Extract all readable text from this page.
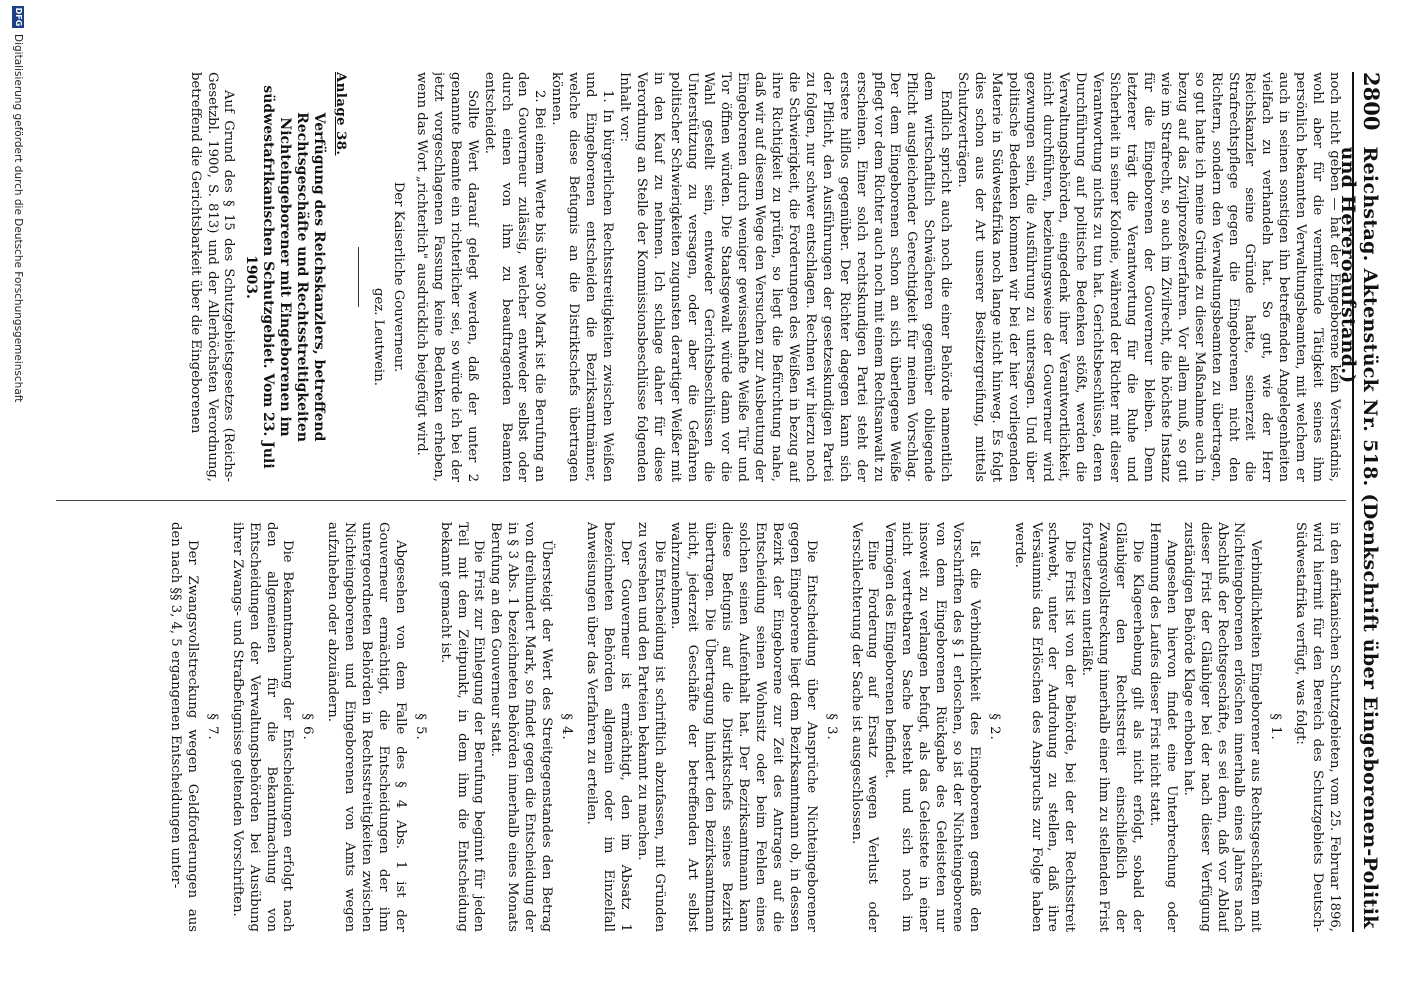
2800
Reichstag. Aktenstück Nr. 518. (Denkschrift über Eingeborenen-Politik und Hereroaufstand.)

noch nicht geben — hat der Eingeborene kein Verständnis, wohl aber für die vermittelnde Tätigkeit seines ihm persönlich bekannten Verwaltungsbeamten, mit welchem er auch in seinen sonstigen ihn betreffenden Angelegenheiten vielfach zu verhandeln hat. So gut, wie der Herr Reichskanzler seine Gründe hatte, seinerzeit die Strafrechtspflege gegen die Eingeborenen nicht den Richtern, sondern den Verwaltungsbeamten zu übertragen, so gut hatte ich meine Gründe zu dieser Maßnahme auch in bezug auf das Zivilprozeßverfahren. Vor allem muß, so gut wie im Strafrecht, so auch im Zivilrecht, die höchste Instanz für die Eingeborenen der Gouverneur bleiben. Denn letzterer trägt die Verantwortung für die Ruhe und Sicherheit in seiner Kolonie, während der Richter mit dieser Verantwortung nichts zu tun hat. Gerichtsbeschlüsse, deren Durchführung auf politische Bedenken stößt, werden die Verwaltungsbehörden, eingedenk ihrer Verantwortlichkeit, nicht durchführen, beziehungsweise der Gouverneur wird gezwungen sein, die Ausführung zu untersagen. Und über politische Bedenken kommen wir bei der hier vorliegenden Materie in Südwestafrika noch lange nicht hinweg. Es folgt dies schon aus der Art unserer Besitzergreifung, mittels Schutzverträgen.

Endlich spricht auch noch die einer Behörde namentlich dem wirtschaftlich Schwächeren gegenüber obliegende Pflicht ausgleichender Gerechtigkeit für meinen Vorschlag. Der dem Eingeborenen schon an sich überlegene Weiße pflegt vor dem Richter auch noch mit einem Rechtsanwalt zu erscheinen. Einer solch rechtskundigen Partei steht der erstere hilflos gegenüber. Der Richter dagegen kann sich der Pflicht, den Ausführungen der gesetzeskundigen Partei zu folgen, nur schwer entschlagen. Rechnen wir hierzu noch die Schwierigkeit, die Forderungen des Weißen in bezug auf ihre Richtigkeit zu prüfen, so liegt die Befürchtung nahe, daß wir auf diesem Wege den Versuchen zur Ausbeutung der Eingeborenen durch weniger gewissenhafte Weiße Tür und Tor öffnen würden. Die Staatsgewalt würde dann vor die Wahl gestellt sein, entweder Gerichtsbeschlüssen die Unterstützung zu versagen, oder aber die Gefahren politischer Schwierigkeiten zugunsten derartiger Weißer mit in den Kauf zu nehmen. Ich schlage daher für diese Verordnung an Stelle der Kommissionsbeschlüsse folgenden Inhalt vor:

1. In bürgerlichen Rechtsstreitigkeiten zwischen Weißen und Eingeborenen entscheiden die Bezirksamtmänner, welche diese Befugnis an die Distriktschefs übertragen können.

2. Bei einem Werte bis über 300 Mark ist die Berufung an den Gouverneur zulässig, welcher entweder selbst oder durch einen von ihm zu beauftragenden Beamten entscheidet.

Sollte Wert darauf gelegt werden, daß der unter 2 genannte Beamte ein richterlicher sei, so würde ich bei der jetzt vorgeschlagenen Fassung keine Bedenken erheben, wenn das Wort „richterlich" ausdrücklich beigefügt wird.

Der Kaiserliche Gouverneur.
gez. Leutwein.
Anlage 38.
Verfügung des Reichskanzlers, betreffend Rechtsgeschäfte und Rechtsstreitigkeiten Nichteingeborener mit Eingeborenen im südwestafrikanischen Schutzgebiet. Vom 23. Juli 1903.

Auf Grund des § 15 des Schutzgebietsgesetzes (Reichs-Gesetzbl. 1900, S. 813) und der Allerhöchsten Verordnung, betreffend die Gerichtsbarkeit über die Eingeborenen

in den afrikanischen Schutzgebieten, vom 25. Februar 1896, wird hiermit für den Bereich des Schutzgebiets Deutsch-Südwestafrika verfügt, was folgt:

§ 1.

Verbindlichkeiten Eingeborener aus Rechtsgeschäften mit Nichteingeborenen erlöschen innerhalb eines Jahres nach Abschluß der Rechtsgeschäfte, es sei denn, daß vor Ablauf dieser Frist der Gläubiger bei der nach dieser Verfügung zuständigen Behörde Klage erhoben hat.

Angesehen hiervon findet eine Unterbrechung oder Hemmung des Laufes dieser Frist nicht statt.

Die Klageerhebung gilt als nicht erfolgt, sobald der Gläubiger den Rechtsstreit einschließlich der Zwangsvollstreckung innerhalb einer ihm zu stellenden Frist fortzusetzen unterläßt.

Die Frist ist von der Behörde, bei der der Rechtsstreit schwebt, unter der Androhung zu stellen, daß ihre Versäumnis das Erlöschen des Anspruchs zur Folge haben werde.

§ 2.

Ist die Verbindlichkeit des Eingeborenen gemäß den Vorschriften des § 1 erloschen, so ist der Nichteingeborene von dem Eingeborenen Rückgabe des Geleisteten nur insoweit zu verlangen befugt, als das Geleistete in einer nicht vertretbaren Sache besteht und sich noch im Vermögen des Eingeborenen befindet.

Eine Forderung auf Ersatz wegen Verlust oder Verschlechterung der Sache ist ausgeschlossen.

§ 3.

Die Entscheidung über Ansprüche Nichteingeborener gegen Eingeborene liegt dem Bezirksamtmann ob, in dessen Bezirk der Eingeborene zur Zeit des Antrages auf die Entscheidung seinen Wohnsitz oder beim Fehlen eines solchen seinen Aufenthalt hat. Der Bezirksamtmann kann diese Befugnis auf die Distriktschefs seines Bezirks übertragen. Die Übertragung hindert den Bezirksamtmann nicht, jederzeit Geschäfte der betreffenden Art selbst wahrzunehmen.

Die Entscheidung ist schriftlich abzufassen, mit Gründen zu versehen und den Parteien bekannt zu machen.

Der Gouverneur ist ermächtigt, den im Absatz 1 bezeichneten Behörden allgemein oder im Einzelfall Anweisungen über das Verfahren zu erteilen.

§ 4.

Übersteigt der Wert des Streitgegenstandes den Betrag von dreihundert Mark, so findet gegen die Entscheidung der in § 3 Abs. 1 bezeichneten Behörden innerhalb eines Monats Berufung an den Gouverneur statt.

Die Frist zur Einlegung der Berufung beginnt für jeden Teil mit dem Zeitpunkt, in dem ihm die Entscheidung bekannt gemacht ist.

§ 5.

Abgesehen von dem Falle des § 4 Abs. 1 ist der Gouverneur ermächtigt, die Entscheidungen der ihm untergeordneten Behörden in Rechtsstreitigkeiten zwischen Nichteingeborenen und Eingeborenen von Amts wegen aufzuheben oder abzuändern.

§ 6.

Die Bekanntmachung der Entscheidungen erfolgt nach den allgemeinen für die Bekanntmachung von Entscheidungen der Verwaltungsbehörden bei Ausübung ihrer Zwangs- und Strafbefugnisse geltenden Vorschriften.

§ 7.

Der Zwangsvollstreckung wegen Geldforderungen aus den nach §§ 3, 4, 5 ergangenen Entscheidungen unter-

DFG
Digitalisierung gefördert durch die Deutsche Forschungsgemeinschaft
